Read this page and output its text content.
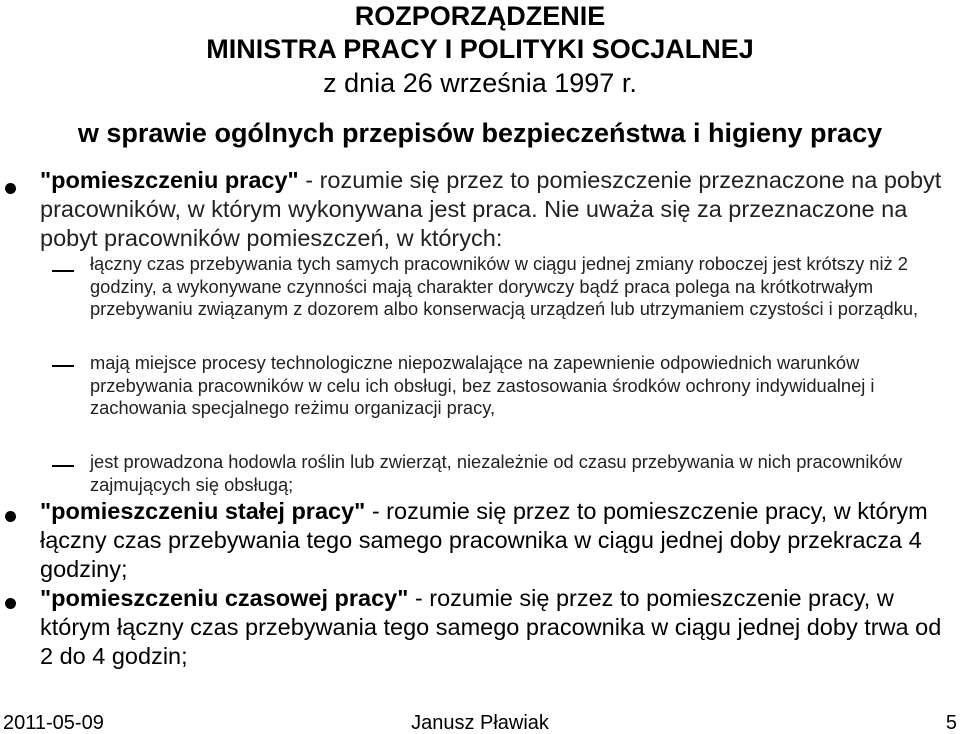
ROZPORZĄDZENIE
MINISTRA PRACY I POLITYKI SOCJALNEJ
z dnia 26 września 1997 r.
w sprawie ogólnych przepisów bezpieczeństwa i higieny pracy

"pomieszczeniu pracy" - rozumie się przez to pomieszczenie przeznaczone na pobyt pracowników, w którym wykonywana jest praca. Nie uważa się za przeznaczone na pobyt pracowników pomieszczeń, w których:

łączny czas przebywania tych samych pracowników w ciągu jednej zmiany roboczej jest krótszy niż 2 godziny, a wykonywane czynności mają charakter dorywczy bądź praca polega na krótkotrwałym przebywaniu związanym z dozorem albo konserwacją urządzeń lub utrzymaniem czystości i porządku,

mają miejsce procesy technologiczne niepozwalające na zapewnienie odpowiednich warunków przebywania pracowników w celu ich obsługi, bez zastosowania środków ochrony indywidualnej i zachowania specjalnego reżimu organizacji pracy,

jest prowadzona hodowla roślin lub zwierząt, niezależnie od czasu przebywania w nich pracowników zajmujących się obsługą;

"pomieszczeniu stałej pracy" - rozumie się przez to pomieszczenie pracy, w którym łączny czas przebywania tego samego pracownika w ciągu jednej doby przekracza 4 godziny;

"pomieszczeniu czasowej pracy" - rozumie się przez to pomieszczenie pracy, w którym łączny czas przebywania tego samego pracownika w ciągu jednej doby trwa od 2 do 4 godzin;

2011-05-09	Janusz Pławiak	5
